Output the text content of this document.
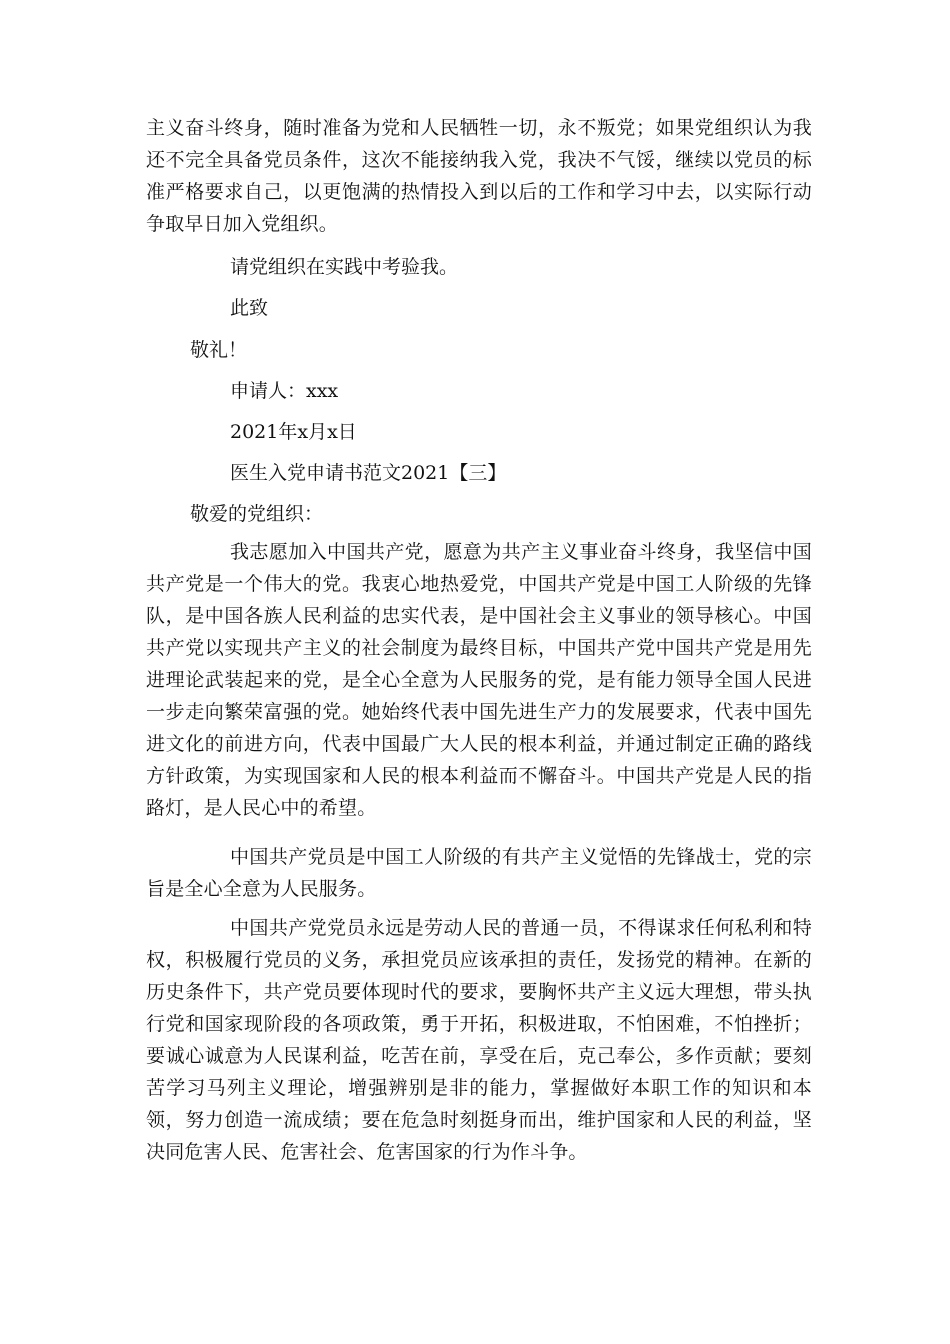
主义奋斗终身，随时准备为党和人民牺牲一切，永不叛党；如果党组织认为我还不完全具备党员条件，这次不能接纳我入党，我决不气馁，继续以党员的标准严格要求自己，以更饱满的热情投入到以后的工作和学习中去，以实际行动争取早日加入党组织。

请党组织在实践中考验我。

此致

敬礼！

申请人：xxx

2021年x月x日

医生入党申请书范文2021【三】

敬爱的党组织：

我志愿加入中国共产党，愿意为共产主义事业奋斗终身，我坚信中国共产党是一个伟大的党。我衷心地热爱党，中国共产党是中国工人阶级的先锋队，是中国各族人民利益的忠实代表，是中国社会主义事业的领导核心。中国共产党以实现共产主义的社会制度为最终目标，中国共产党中国共产党是用先进理论武装起来的党，是全心全意为人民服务的党，是有能力领导全国人民进一步走向繁荣富强的党。她始终代表中国先进生产力的发展要求，代表中国先进文化的前进方向，代表中国最广大人民的根本利益，并通过制定正确的路线方针政策，为实现国家和人民的根本利益而不懈奋斗。中国共产党是人民的指路灯，是人民心中的希望。

中国共产党员是中国工人阶级的有共产主义觉悟的先锋战士，党的宗旨是全心全意为人民服务。

中国共产党党员永远是劳动人民的普通一员，不得谋求任何私利和特权，积极履行党员的义务，承担党员应该承担的责任，发扬党的精神。在新的历史条件下，共产党员要体现时代的要求，要胸怀共产主义远大理想，带头执行党和国家现阶段的各项政策，勇于开拓，积极进取，不怕困难，不怕挫折；要诚心诚意为人民谋利益，吃苦在前，享受在后，克己奉公，多作贡献；要刻苦学习马列主义理论，增强辨别是非的能力，掌握做好本职工作的知识和本领，努力创造一流成绩；要在危急时刻挺身而出，维护国家和人民的利益，坚决同危害人民、危害社会、危害国家的行为作斗争。
